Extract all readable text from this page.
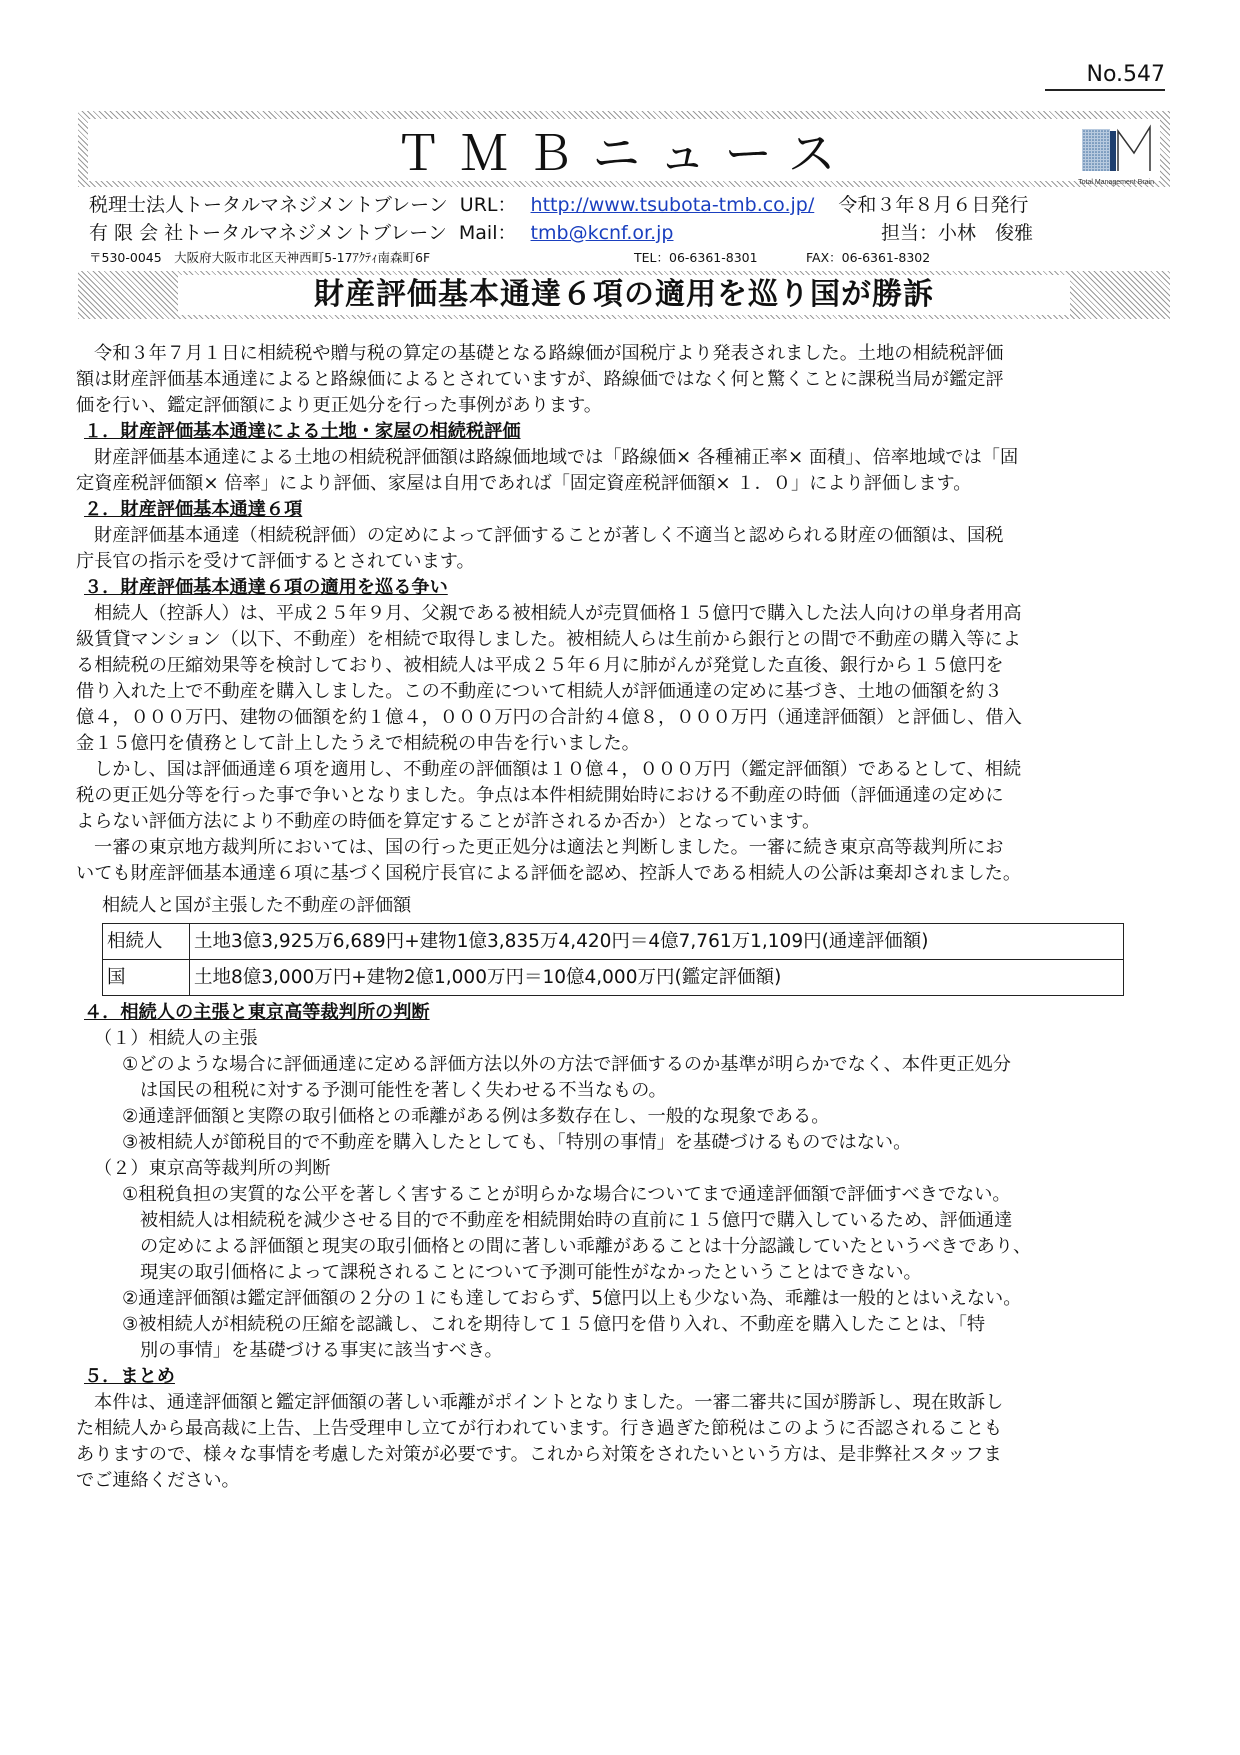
No.547
ＴＭＢニュース
Total Management Brain
税理士法人トータルマネジメントブレーン URL： http://www.tsubota-tmb.co.jp/ 令和３年８月６日発行
有 限 会 社トータルマネジメントブレーン Mail： tmb@kcnf.or.jp	担当：小林　俊雅
〒530-0045　大阪府大阪市北区天神西町5-17ｱｸﾃｨ南森町6F	TEL：06-6361-8301	FAX：06-6361-8302
財産評価基本通達６項の適用を巡り国が勝訴

令和３年７月１日に相続税や贈与税の算定の基礎となる路線価が国税庁より発表されました。土地の相続税評価

額は財産評価基本通達によると路線価によるとされていますが、路線価ではなく何と驚くことに課税当局が鑑定評

価を行い、鑑定評価額により更正処分を行った事例があります。

１．財産評価基本通達による土地・家屋の相続税評価

財産評価基本通達による土地の相続税評価額は路線価地域では「路線価× 各種補正率× 面積」、倍率地域では「固

定資産税評価額× 倍率」により評価、家屋は自用であれば「固定資産税評価額× １．０」により評価します。

２．財産評価基本通達６項

財産評価基本通達（相続税評価）の定めによって評価することが著しく不適当と認められる財産の価額は、国税

庁長官の指示を受けて評価するとされています。

３．財産評価基本通達６項の適用を巡る争い

相続人（控訴人）は、平成２５年９月、父親である被相続人が売買価格１５億円で購入した法人向けの単身者用高

級賃貸マンション（以下、不動産）を相続で取得しました。被相続人らは生前から銀行との間で不動産の購入等によ

る相続税の圧縮効果等を検討しており、被相続人は平成２５年６月に肺がんが発覚した直後、銀行から１５億円を

借り入れた上で不動産を購入しました。この不動産について相続人が評価通達の定めに基づき、土地の価額を約３

億４，０００万円、建物の価額を約１億４，０００万円の合計約４億８，０００万円（通達評価額）と評価し、借入

金１５億円を債務として計上したうえで相続税の申告を行いました。

しかし、国は評価通達６項を適用し、不動産の評価額は１０億４，０００万円（鑑定評価額）であるとして、相続

税の更正処分等を行った事で争いとなりました。争点は本件相続開始時における不動産の時価（評価通達の定めに

よらない評価方法により不動産の時価を算定することが許されるか否か）となっています。

一審の東京地方裁判所においては、国の行った更正処分は適法と判断しました。一審に続き東京高等裁判所にお

いても財産評価基本通達６項に基づく国税庁長官による評価を認め、控訴人である相続人の公訴は棄却されました。

相続人と国が主張した不動産の評価額

相続人	土地3億3,925万6,689円+建物1億3,835万4,420円＝4億7,761万1,109円(通達評価額)
国	土地8億3,000万円+建物2億1,000万円＝10億4,000万円(鑑定評価額)

４．相続人の主張と東京高等裁判所の判断

（１）相続人の主張

①どのような場合に評価通達に定める評価方法以外の方法で評価するのか基準が明らかでなく、本件更正処分

は国民の租税に対する予測可能性を著しく失わせる不当なもの。

②通達評価額と実際の取引価格との乖離がある例は多数存在し、一般的な現象である。

③被相続人が節税目的で不動産を購入したとしても、「特別の事情」を基礎づけるものではない。

（２）東京高等裁判所の判断

①租税負担の実質的な公平を著しく害することが明らかな場合についてまで通達評価額で評価すべきでない。

被相続人は相続税を減少させる目的で不動産を相続開始時の直前に１５億円で購入しているため、評価通達

の定めによる評価額と現実の取引価格との間に著しい乖離があることは十分認識していたというべきであり、

現実の取引価格によって課税されることについて予測可能性がなかったということはできない。

②通達評価額は鑑定評価額の２分の１にも達しておらず、5億円以上も少ない為、乖離は一般的とはいえない。

③被相続人が相続税の圧縮を認識し、これを期待して１５億円を借り入れ、不動産を購入したことは、「特

別の事情」を基礎づける事実に該当すべき。

５．まとめ

本件は、通達評価額と鑑定評価額の著しい乖離がポイントとなりました。一審二審共に国が勝訴し、現在敗訴し

た相続人から最高裁に上告、上告受理申し立てが行われています。行き過ぎた節税はこのように否認されることも

ありますので、様々な事情を考慮した対策が必要です。これから対策をされたいという方は、是非弊社スタッフま

でご連絡ください。
